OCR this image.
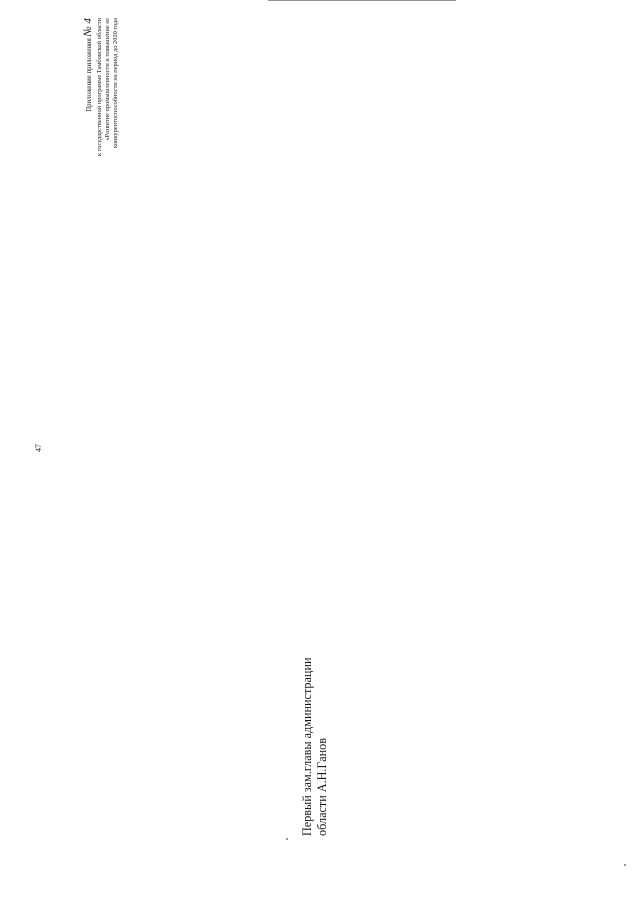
47
Приложение приложения № 4 к государственной программе Тамбовской области «Развитие промышленности и повышение ее конкурентоспособности на период до 2020 года
Первый зам.главы администрации области А.Н.Ганов
